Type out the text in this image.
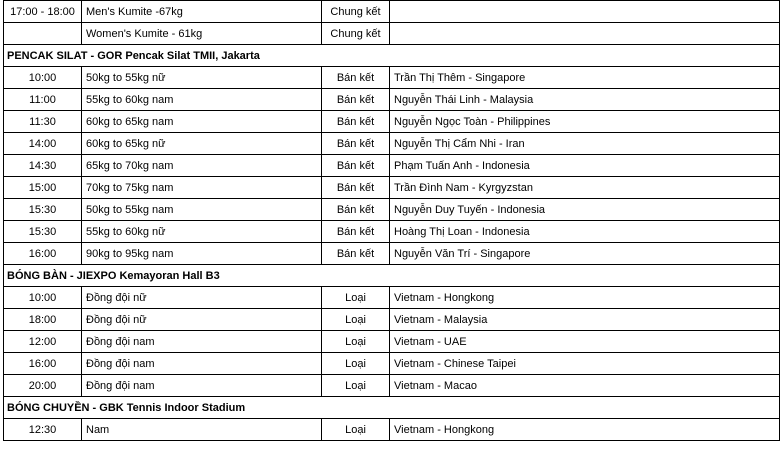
17:00 - 18:00	Men's Kumite -67kg	Chung kết	
	Women's Kumite - 61kg	Chung kết	
PENCAK SILAT - GOR Pencak Silat TMII, Jakarta			
10:00	50kg to 55kg nữ	Bán kết	Trần Thị Thêm - Singapore
11:00	55kg to 60kg nam	Bán kết	Nguyễn Thái Linh - Malaysia
11:30	60kg to 65kg nam	Bán kết	Nguyễn Ngọc Toàn - Philippines
14:00	60kg to 65kg nữ	Bán kết	Nguyễn Thị Cẩm Nhi - Iran
14:30	65kg to 70kg nam	Bán kết	Phạm Tuấn Anh - Indonesia
15:00	70kg to 75kg nam	Bán kết	Trần Đình Nam - Kyrgyzstan
15:30	50kg to 55kg nam	Bán kết	Nguyễn Duy Tuyến - Indonesia
15:30	55kg to 60kg nữ	Bán kết	Hoàng Thị Loan - Indonesia
16:00	90kg to 95kg nam	Bán kết	Nguyễn Văn Trí - Singapore
BÓNG BÀN - JIEXPO Kemayoran Hall B3			
10:00	Đồng đội nữ	Loại	Vietnam - Hongkong
18:00	Đồng đội nữ	Loại	Vietnam - Malaysia
12:00	Đồng đội nam	Loại	Vietnam - UAE
16:00	Đồng đội nam	Loại	Vietnam - Chinese Taipei
20:00	Đồng đội nam	Loại	Vietnam - Macao
BÓNG CHUYỀN - GBK Tennis Indoor Stadium			
12:30	Nam	Loại	Vietnam - Hongkong
